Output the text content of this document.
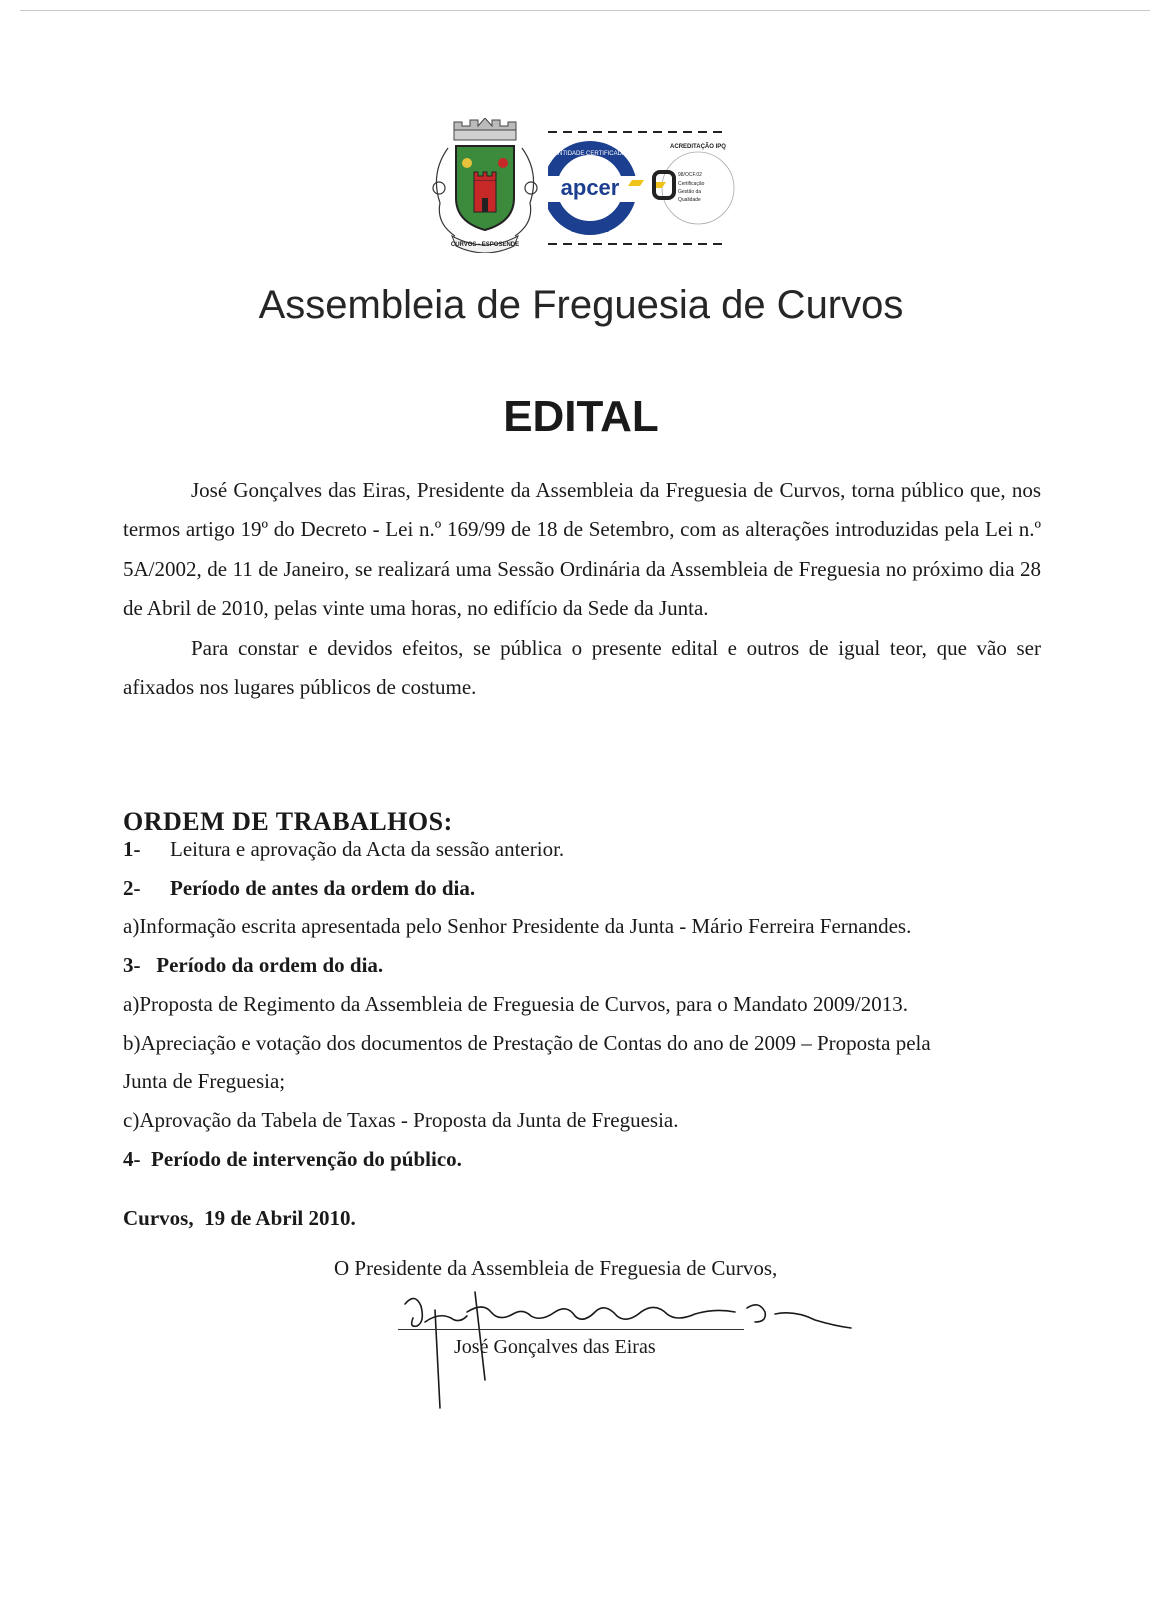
CURVOS - ESPOSENDE
apcer
ISO 9001
ENTIDADE CERTIFICADA
98/OCF.02
Certificação
Gestão da
Qualidade
ACREDITAÇÃO IPQ
Assembleia de Freguesia de Curvos
EDITAL

José Gonçalves das Eiras, Presidente da Assembleia da Freguesia de Curvos, torna público que, nos termos artigo 19º do Decreto - Lei n.º 169/99 de 18 de Setembro, com as alterações introduzidas pela Lei n.º 5A/2002, de 11 de Janeiro, se realizará uma Sessão Ordinária da Assembleia de Freguesia no próximo dia 28 de Abril de 2010, pelas vinte uma horas, no edifício da Sede da Junta.

Para constar e devidos efeitos, se pública o presente edital e outros de igual teor, que vão ser afixados nos lugares públicos de costume.

ORDEM DE TRABALHOS:
1- Leitura e aprovação da Acta da sessão anterior.
2- Período de antes da ordem do dia.
a)Informação escrita apresentada pelo Senhor Presidente da Junta - Mário Ferreira Fernandes.
3-   Período da ordem do dia.
a)Proposta de Regimento da Assembleia de Freguesia de Curvos, para o Mandato 2009/2013.
b)Apreciação e votação dos documentos de Prestação de Contas do ano de 2009 – Proposta pela
Junta de Freguesia;
c)Aprovação da Tabela de Taxas - Proposta da Junta de Freguesia.
4-  Período de intervenção do público.
Curvos,  19 de Abril 2010.
O Presidente da Assembleia de Freguesia de Curvos,
José Gonçalves das Eiras
